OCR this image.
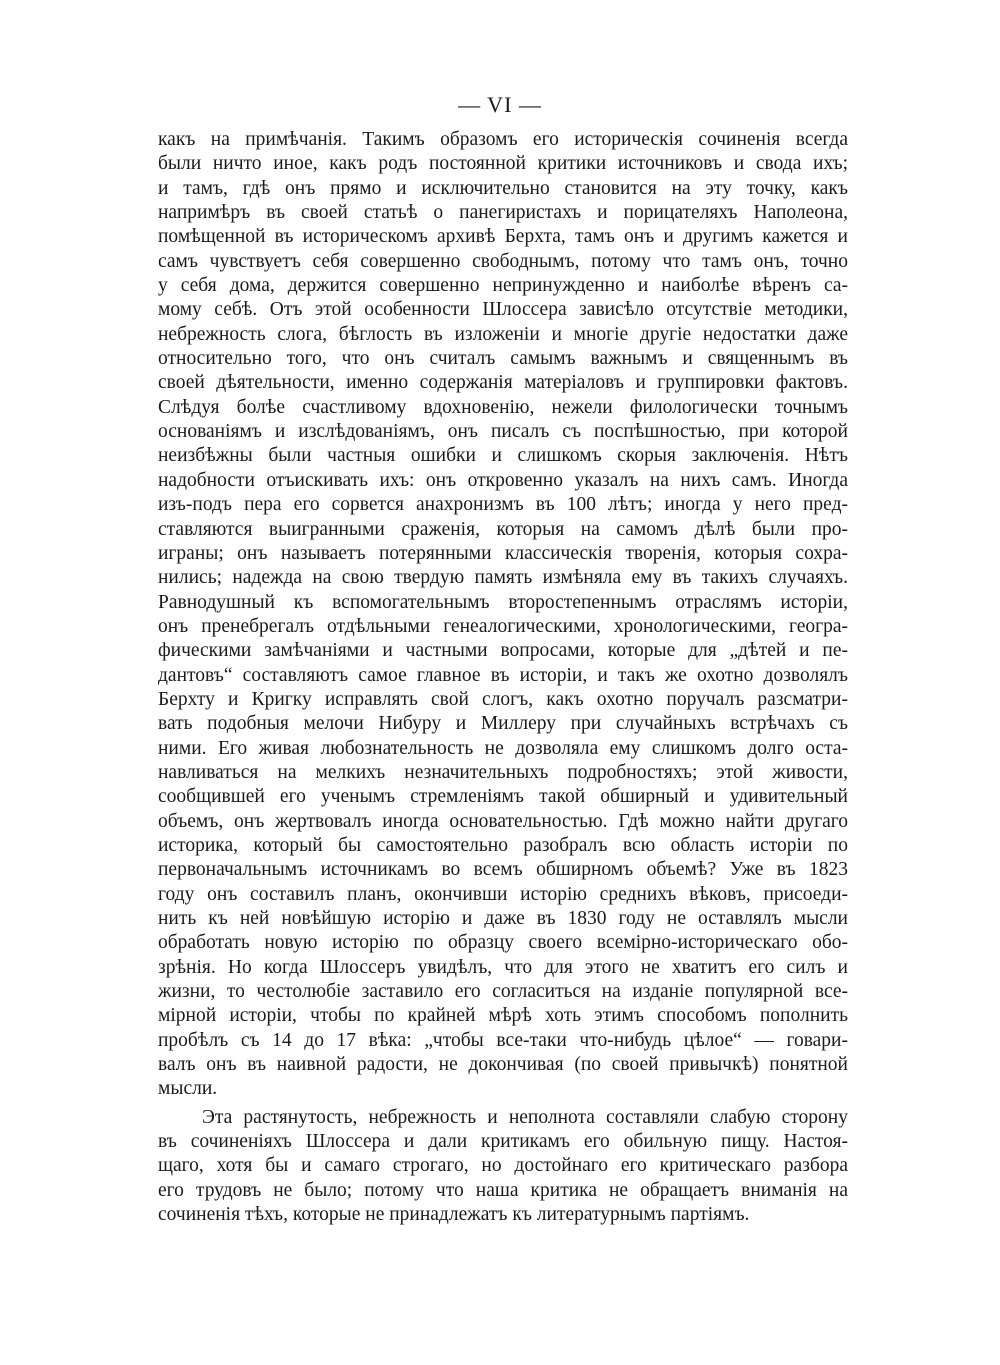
— VI —
какъ на примѣчанія. Такимъ образомъ его историческія сочиненія всегда
были ничто иное, какъ родъ постоянной критики источниковъ и свода ихъ;
и тамъ, гдѣ онъ прямо и исключительно становится на эту точку, какъ
напримѣръ въ своей статьѣ о панегиристахъ и порицателяхъ Наполеона,
помѣщенной въ историческомъ архивѣ Берхта, тамъ онъ и другимъ кажется и
самъ чувствуетъ себя совершенно свободнымъ, потому что тамъ онъ, точно
у себя дома, держится совершенно непринужденно и наиболѣе вѣренъ са-
мому себѣ. Отъ этой особенности Шлоссера зависѣло отсутствіе методики,
небрежность слога, бѣглость въ изложеніи и многіе другіе недостатки даже
относительно того, что онъ считалъ самымъ важнымъ и священнымъ въ
своей дѣятельности, именно содержанія матеріаловъ и группировки фактовъ.
Слѣдуя болѣе счастливому вдохновенію, нежели филологически точнымъ
основаніямъ и изслѣдованіямъ, онъ писалъ съ поспѣшностью, при которой
неизбѣжны были частныя ошибки и слишкомъ скорыя заключенія. Нѣтъ
надобности отъискивать ихъ: онъ откровенно указалъ на нихъ самъ. Иногда
изъ-подъ пера его сорвется анахронизмъ въ 100 лѣтъ; иногда у него пред-
ставляются выигранными сраженія, которыя на самомъ дѣлѣ были про-
играны; онъ называетъ потерянными классическія творенія, которыя сохра-
нились; надежда на свою твердую память измѣняла ему въ такихъ случаяхъ.
Равнодушный къ вспомогательнымъ второстепеннымъ отраслямъ исторіи,
онъ пренебрегалъ отдѣльными генеалогическими, хронологическими, геогра-
фическими замѣчаніями и частными вопросами, которые для „дѣтей и пе-
дантовъ“ составляютъ самое главное въ исторіи, и такъ же охотно дозволялъ
Берхту и Кригку исправлять свой слогъ, какъ охотно поручалъ разсматри-
вать подобныя мелочи Нибуру и Миллеру при случайныхъ встрѣчахъ съ
ними. Его живая любознательность не дозволяла ему слишкомъ долго оста-
навливаться на мелкихъ незначительныхъ подробностяхъ; этой живости,
сообщившей его ученымъ стремленіямъ такой обширный и удивительный
объемъ, онъ жертвовалъ иногда основательностью. Гдѣ можно найти другаго
историка, который бы самостоятельно разобралъ всю область исторіи по
первоначальнымъ источникамъ во всемъ обширномъ объемѣ? Уже въ 1823
году онъ составилъ планъ, окончивши исторію среднихъ вѣковъ, присоеди-
нить къ ней новѣйшую исторію и даже въ 1830 году не оставлялъ мысли
обработать новую исторію по образцу своего всемірно-историческаго обо-
зрѣнія. Но когда Шлоссеръ увидѣлъ, что для этого не хватитъ его силъ и
жизни, то честолюбіе заставило его согласиться на изданіе популярной все-
мірной исторіи, чтобы по крайней мѣрѣ хоть этимъ способомъ пополнить
пробѣлъ съ 14 до 17 вѣка: „чтобы все-таки что-нибудь цѣлое“ — говари-
валъ онъ въ наивной радости, не докончивая (по своей привычкѣ) понятной
мысли.
Эта растянутость, небрежность и неполнота составляли слабую сторону
въ сочиненіяхъ Шлоссера и дали критикамъ его обильную пищу. Настоя-
щаго, хотя бы и самаго строгаго, но достойнаго его критическаго разбора
его трудовъ не было; потому что наша критика не обращаетъ вниманія на
сочиненія тѣхъ, которые не принадлежатъ къ литературнымъ партіямъ.
